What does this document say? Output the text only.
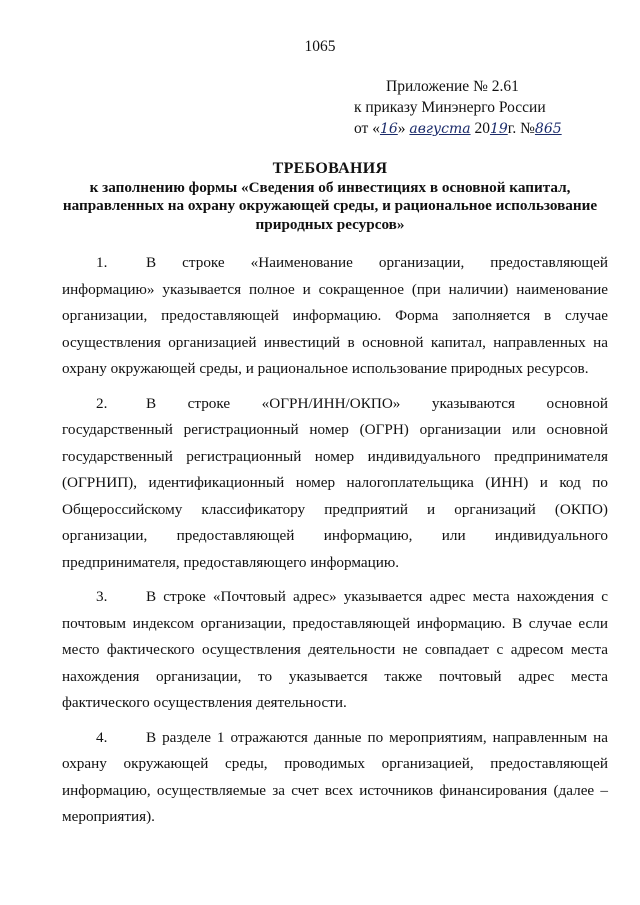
1065
Приложение № 2.61
к приказу Минэнерго России
от «16» августа 2019г. №865
ТРЕБОВАНИЯ
к заполнению формы «Сведения об инвестициях в основной капитал, направленных на охрану окружающей среды, и рациональное использование природных ресурсов»

1.	В строке «Наименование организации, предоставляющей информацию» указывается полное и сокращенное (при наличии) наименование организации, предоставляющей информацию. Форма заполняется в случае осуществления организацией инвестиций в основной капитал, направленных на охрану окружающей среды, и рациональное использование природных ресурсов.

2.	В строке «ОГРН/ИНН/ОКПО» указываются основной государственный регистрационный номер (ОГРН) организации или основной государственный регистрационный номер индивидуального предпринимателя (ОГРНИП), идентификационный номер налогоплательщика (ИНН) и код по Общероссийскому классификатору предприятий и организаций (ОКПО) организации, предоставляющей информацию, или индивидуального предпринимателя, предоставляющего информацию.

3.	В строке «Почтовый адрес» указывается адрес места нахождения с почтовым индексом организации, предоставляющей информацию. В случае если место фактического осуществления деятельности не совпадает с адресом места нахождения организации, то указывается также почтовый адрес места фактического осуществления деятельности.

4.	В разделе 1 отражаются данные по мероприятиям, направленным на охрану окружающей среды, проводимых организацией, предоставляющей информацию, осуществляемые за счет всех источников финансирования (далее – мероприятия).
